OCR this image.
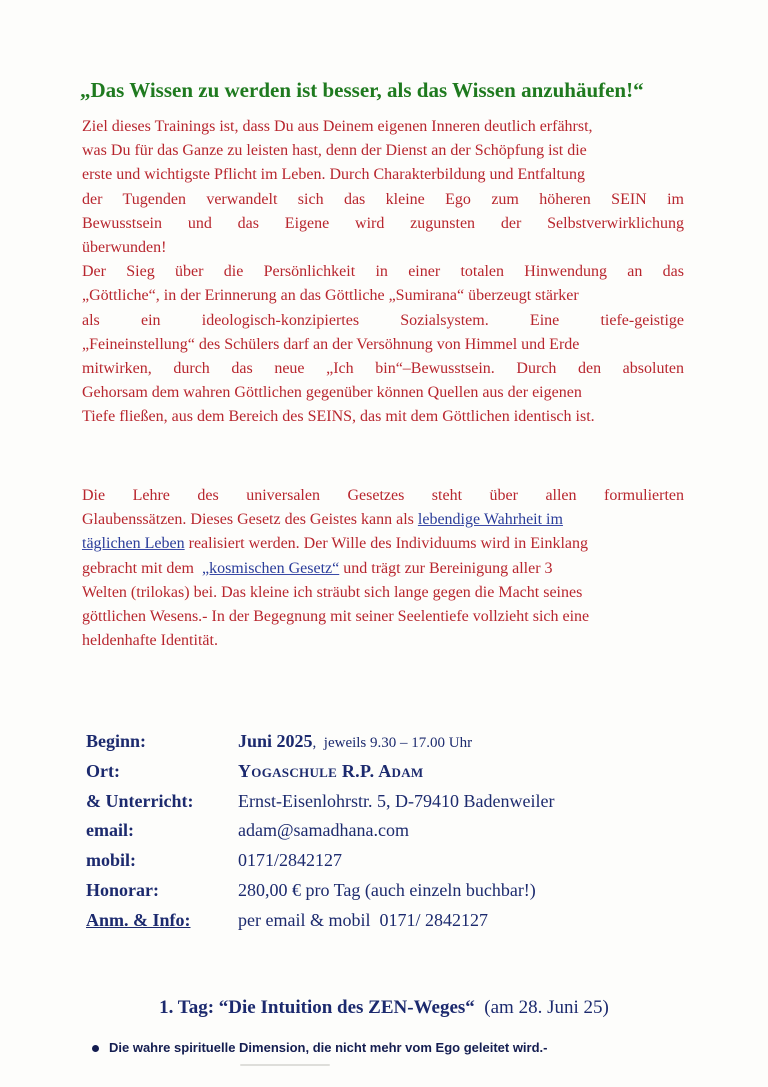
„Das Wissen zu werden ist besser, als das Wissen anzuhäufen!“
Ziel dieses Trainings ist, dass Du aus Deinem eigenen Inneren deutlich erfährst,
was Du für das Ganze zu leisten hast, denn der Dienst an der Schöpfung ist die
erste und wichtigste Pflicht im Leben. Durch Charakterbildung und Entfaltung
der Tugenden verwandelt sich das kleine Ego zum höheren SEIN im
Bewusstsein und das Eigene wird zugunsten der Selbstverwirklichung
überwunden!
Der Sieg über die Persönlichkeit in einer totalen Hinwendung an das
„Göttliche“, in der Erinnerung an das Göttliche „Sumirana“ überzeugt stärker
als ein ideologisch-konzipiertes Sozialsystem. Eine tiefe-geistige
„Feineinstellung“ des Schülers darf an der Versöhnung von Himmel und Erde
mitwirken, durch das neue „Ich bin“–Bewusstsein. Durch den absoluten
Gehorsam dem wahren Göttlichen gegenüber können Quellen aus der eigenen
Tiefe fließen, aus dem Bereich des SEINS, das mit dem Göttlichen identisch ist.
Die Lehre des universalen Gesetzes steht über allen formulierten
Glaubenssätzen. Dieses Gesetz des Geistes kann als lebendige Wahrheit im
täglichen Leben realisiert werden. Der Wille des Individuums wird in Einklang
gebracht mit dem  „kosmischen Gesetz“ und trägt zur Bereinigung aller 3
Welten (trilokas) bei. Das kleine ich sträubt sich lange gegen die Macht seines
göttlichen Wesens.- In der Begegnung mit seiner Seelentiefe vollzieht sich eine
heldenhafte Identität.
Beginn:	Juni 2025,  jeweils 9.30 – 17.00 Uhr
Ort:	Yogaschule R.P. Adam
& Unterricht:	Ernst-Eisenlohrstr. 5, D-79410 Badenweiler
email:	adam@samadhana.com
mobil:	0171/2842127
Honorar:	280,00 € pro Tag (auch einzeln buchbar!)
Anm. & Info:	per email & mobil  0171/ 2842127
1. Tag: “Die Intuition des ZEN-Weges“  (am 28. Juni 25)
Die wahre spirituelle Dimension, die nicht mehr vom Ego geleitet wird.-
